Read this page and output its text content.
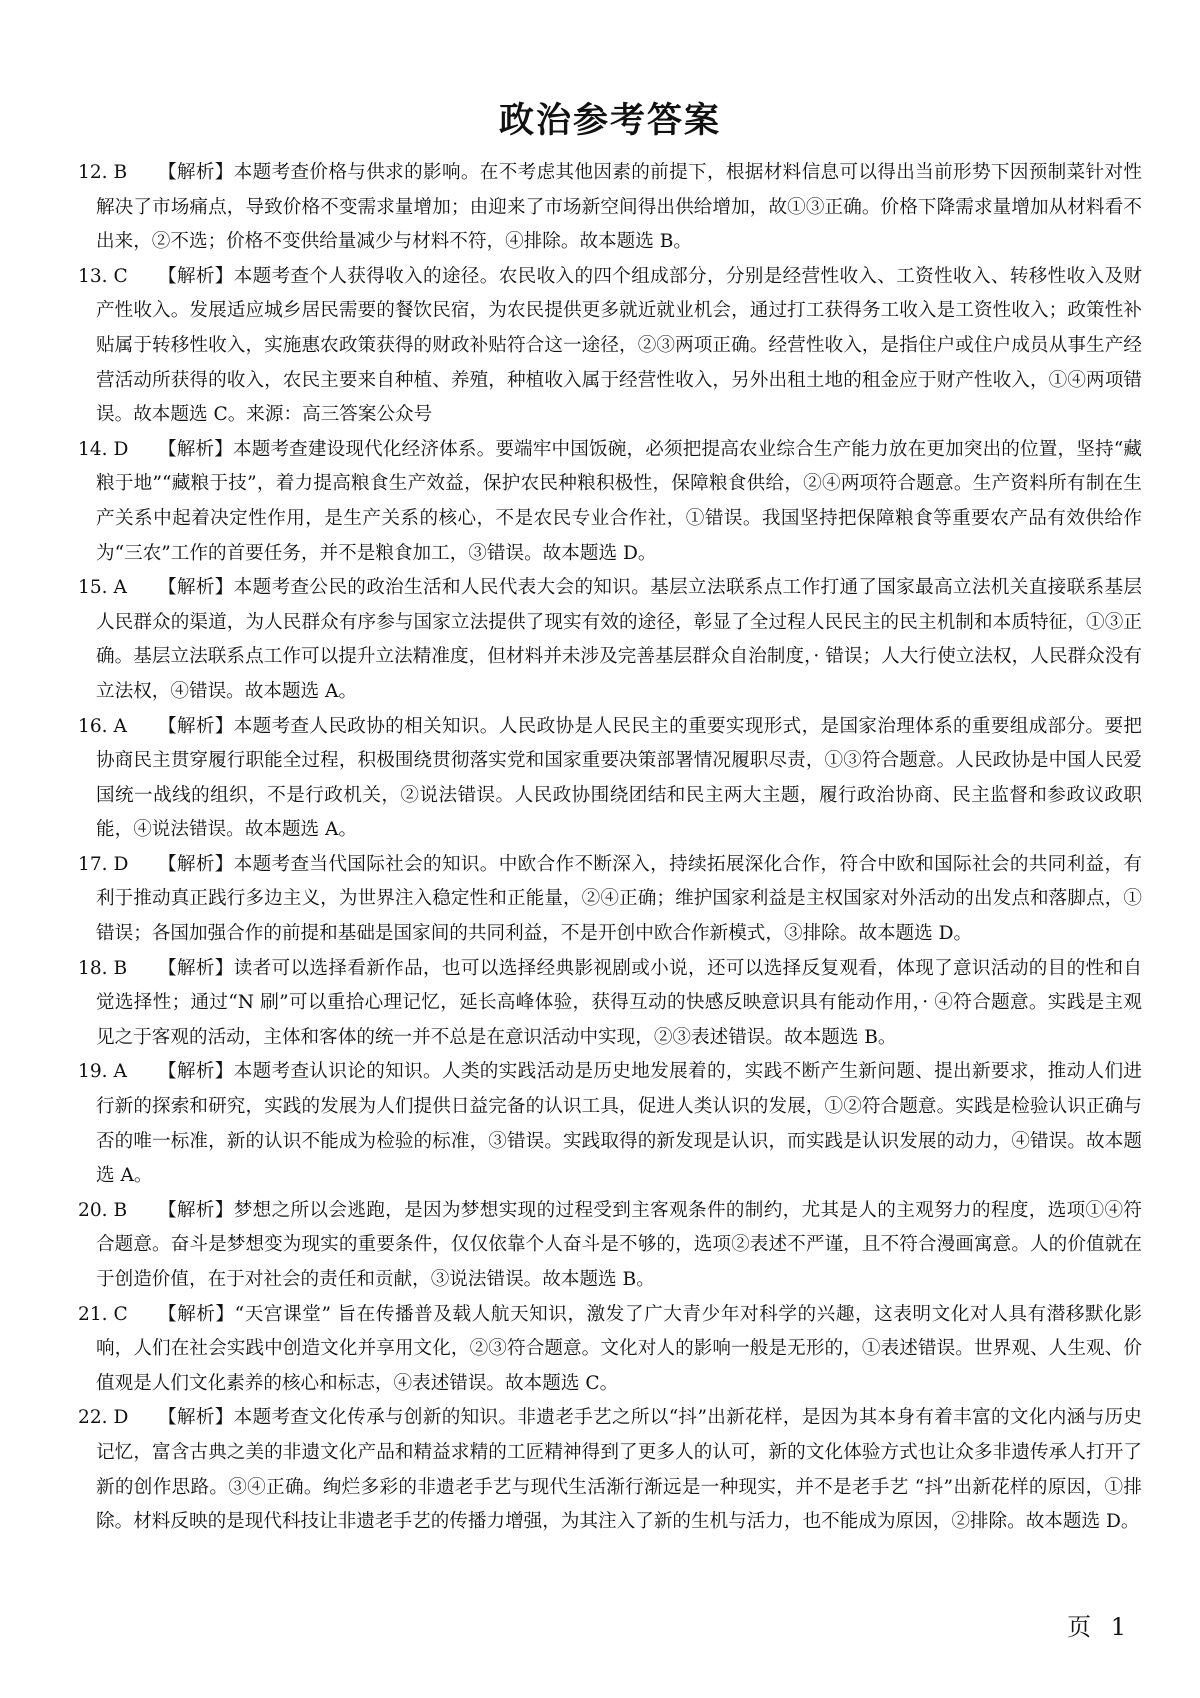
政治参考答案
12. B	【解析】本题考查价格与供求的影响。在不考虑其他因素的前提下，根据材料信息可以得出当前形势下因预制菜针对性解决了市场痛点，导致价格不变需求量增加；由迎来了市场新空间得出供给增加，故①③正确。价格下降需求量增加从材料看不出来，②不选；价格不变供给量减少与材料不符，④排除。故本题选 B。
13. C	【解析】本题考查个人获得收入的途径。农民收入的四个组成部分，分别是经营性收入、工资性收入、转移性收入及财产性收入。发展适应城乡居民需要的餐饮民宿，为农民提供更多就近就业机会，通过打工获得务工收入是工资性收入；政策性补贴属于转移性收入，实施惠农政策获得的财政补贴符合这一途径，②③两项正确。经营性收入，是指住户或住户成员从事生产经营活动所获得的收入，农民主要来自种植、养殖，种植收入属于经营性收入，另外出租土地的租金应于财产性收入，①④两项错误。故本题选 C。来源：高三答案公众号
14. D	【解析】本题考查建设现代化经济体系。要端牢中国饭碗，必须把提高农业综合生产能力放在更加突出的位置，坚持“藏粮于地”“藏粮于技”，着力提高粮食生产效益，保护农民种粮积极性，保障粮食供给，②④两项符合题意。生产资料所有制在生产关系中起着决定性作用，是生产关系的核心，不是农民专业合作社，①错误。我国坚持把保障粮食等重要农产品有效供给作为“三农”工作的首要任务，并不是粮食加工，③错误。故本题选 D。
15. A	【解析】本题考查公民的政治生活和人民代表大会的知识。基层立法联系点工作打通了国家最高立法机关直接联系基层人民群众的渠道，为人民群众有序参与国家立法提供了现实有效的途径，彰显了全过程人民民主的民主机制和本质特征，①③正确。基层立法联系点工作可以提升立法精准度，但材料并未涉及完善基层群众自治制度，· 错误；人大行使立法权，人民群众没有立法权，④错误。故本题选 A。
16. A	【解析】本题考查人民政协的相关知识。人民政协是人民民主的重要实现形式，是国家治理体系的重要组成部分。要把协商民主贯穿履行职能全过程，积极围绕贯彻落实党和国家重要决策部署情况履职尽责，①③符合题意。人民政协是中国人民爱国统一战线的组织，不是行政机关，②说法错误。人民政协围绕团结和民主两大主题，履行政治协商、民主监督和参政议政职能，④说法错误。故本题选 A。
17. D	【解析】本题考查当代国际社会的知识。中欧合作不断深入，持续拓展深化合作，符合中欧和国际社会的共同利益，有利于推动真正践行多边主义，为世界注入稳定性和正能量，②④正确；维护国家利益是主权国家对外活动的出发点和落脚点，①错误；各国加强合作的前提和基础是国家间的共同利益，不是开创中欧合作新模式，③排除。故本题选 D。
18. B	【解析】读者可以选择看新作品，也可以选择经典影视剧或小说，还可以选择反复观看，体现了意识活动的目的性和自觉选择性；通过“N 刷”可以重拾心理记忆，延长高峰体验，获得互动的快感反映意识具有能动作用，· ④符合题意。实践是主观见之于客观的活动，主体和客体的统一并不总是在意识活动中实现，②③表述错误。故本题选 B。
19. A	【解析】本题考查认识论的知识。人类的实践活动是历史地发展着的，实践不断产生新问题、提出新要求，推动人们进行新的探索和研究，实践的发展为人们提供日益完备的认识工具，促进人类认识的发展，①②符合题意。实践是检验认识正确与否的唯一标准，新的认识不能成为检验的标准，③错误。实践取得的新发现是认识，而实践是认识发展的动力，④错误。故本题选 A。
20. B	【解析】梦想之所以会逃跑，是因为梦想实现的过程受到主客观条件的制约，尤其是人的主观努力的程度，选项①④符合题意。奋斗是梦想变为现实的重要条件，仅仅依靠个人奋斗是不够的，选项②表述不严谨，且不符合漫画寓意。人的价值就在于创造价值，在于对社会的责任和贡献，③说法错误。故本题选 B。
21. C	【解析】“天宫课堂” 旨在传播普及载人航天知识，激发了广大青少年对科学的兴趣，这表明文化对人具有潜移默化影响，人们在社会实践中创造文化并享用文化，②③符合题意。文化对人的影响一般是无形的，①表述错误。世界观、人生观、价值观是人们文化素养的核心和标志，④表述错误。故本题选 C。
22. D	【解析】本题考查文化传承与创新的知识。非遗老手艺之所以“抖”出新花样，是因为其本身有着丰富的文化内涵与历史记忆，富含古典之美的非遗文化产品和精益求精的工匠精神得到了更多人的认可，新的文化体验方式也让众多非遗传承人打开了新的创作思路。③④正确。绚烂多彩的非遗老手艺与现代生活渐行渐远是一种现实，并不是老手艺 “抖”出新花样的原因，①排除。材料反映的是现代科技让非遗老手艺的传播力增强，为其注入了新的生机与活力，也不能成为原因，②排除。故本题选 D。
页 1
